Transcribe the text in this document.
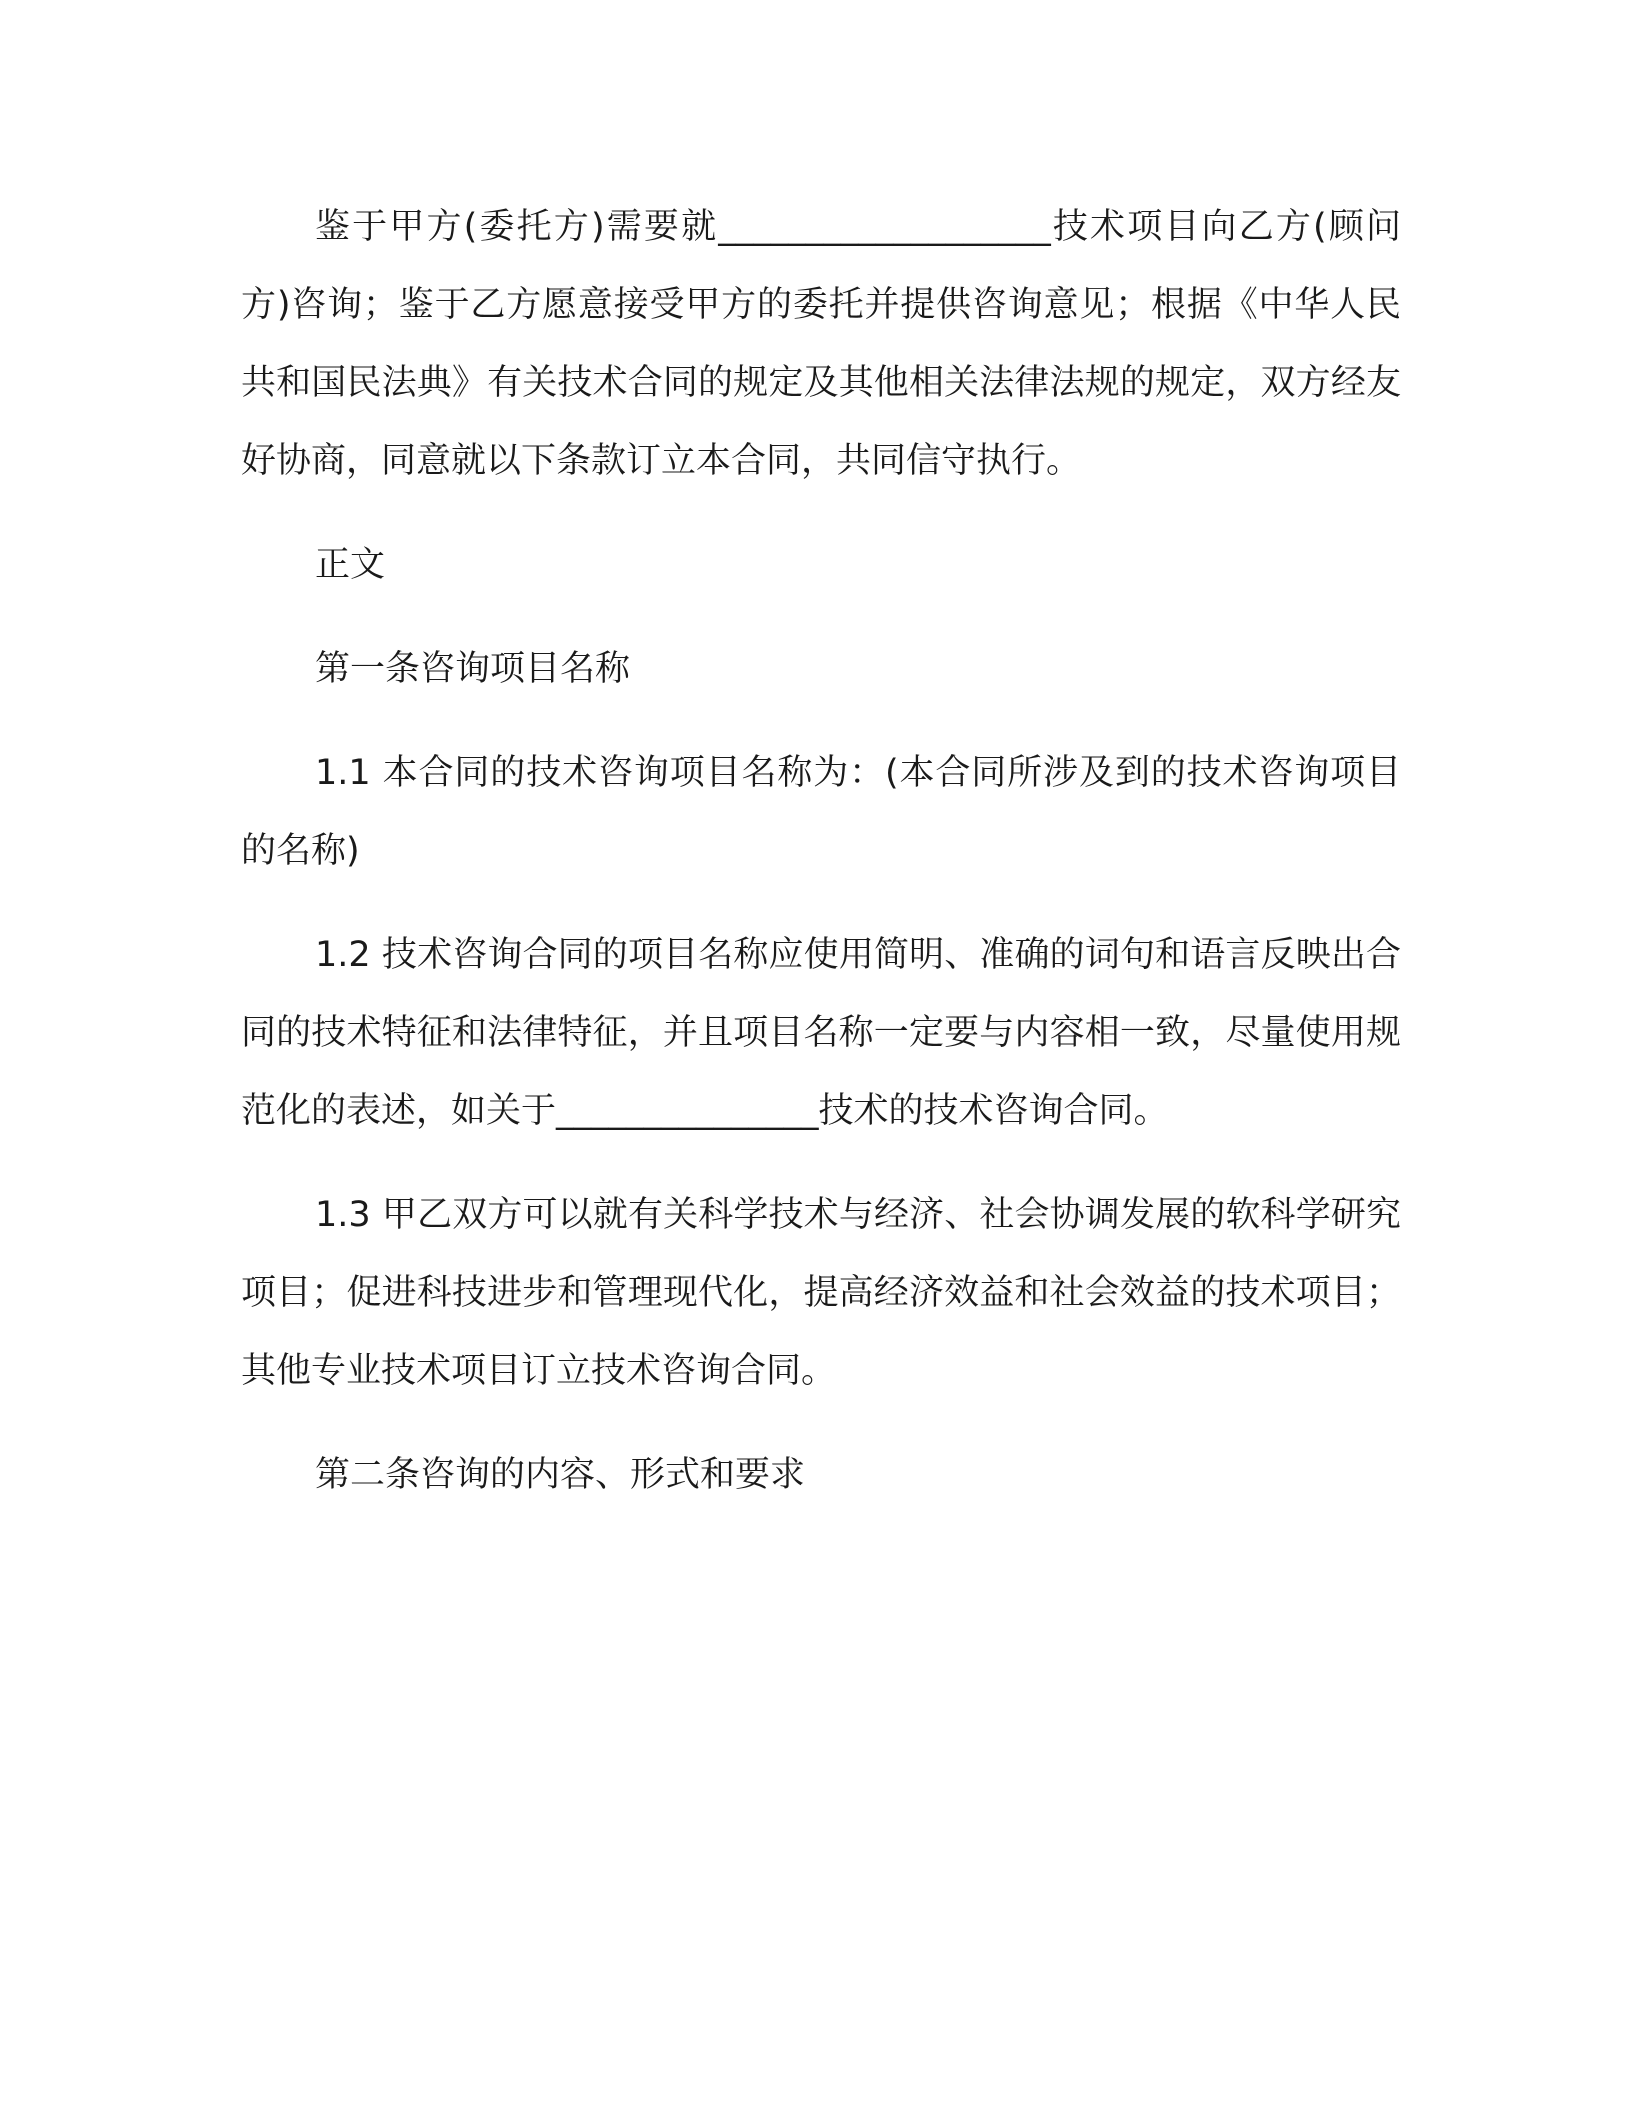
鉴于甲方(委托方)需要就___________________技术项目向乙方(顾问方)咨询；鉴于乙方愿意接受甲方的委托并提供咨询意见；根据《中华人民共和国民法典》有关技术合同的规定及其他相关法律法规的规定，双方经友好协商，同意就以下条款订立本合同，共同信守执行。

正文

第一条咨询项目名称

1.1 本合同的技术咨询项目名称为：(本合同所涉及到的技术咨询项目的名称)

1.2 技术咨询合同的项目名称应使用简明、准确的词句和语言反映出合同的技术特征和法律特征，并且项目名称一定要与内容相一致，尽量使用规范化的表述，如关于_______________技术的技术咨询合同。

1.3 甲乙双方可以就有关科学技术与经济、社会协调发展的软科学研究项目；促进科技进步和管理现代化，提高经济效益和社会效益的技术项目；其他专业技术项目订立技术咨询合同。

第二条咨询的内容、形式和要求
